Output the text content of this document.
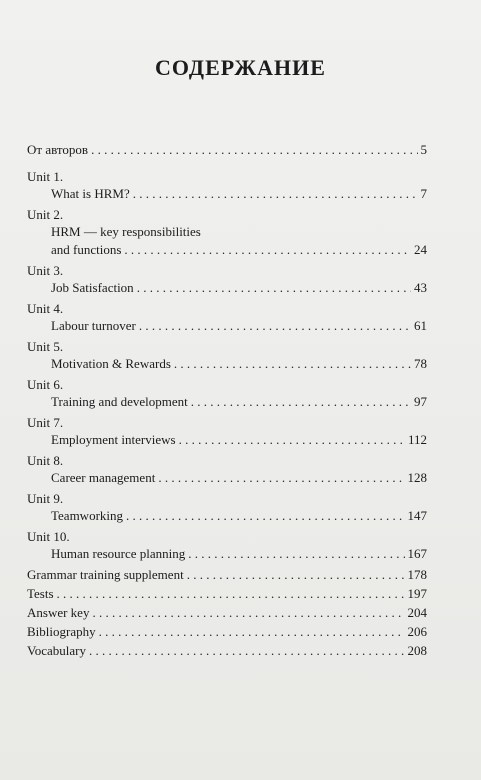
СОДЕРЖАНИЕ
От авторов . . .	5
Unit 1.
What is HRM? . . .	7
Unit 2.
HRM — key responsibilities
and functions . . .	24
Unit 3.
Job Satisfaction . . .	43
Unit 4.
Labour turnover . . .	61
Unit 5.
Motivation & Rewards . . .	78
Unit 6.
Training and development . . .	97
Unit 7.
Employment interviews . . .	112
Unit 8.
Career management . . .	128
Unit 9.
Teamworking . . .	147
Unit 10.
Human resource planning . . .	167
Grammar training supplement . . .	178
Tests . . .	197
Answer key . . .	204
Bibliography . . .	206
Vocabulary . . .	208
